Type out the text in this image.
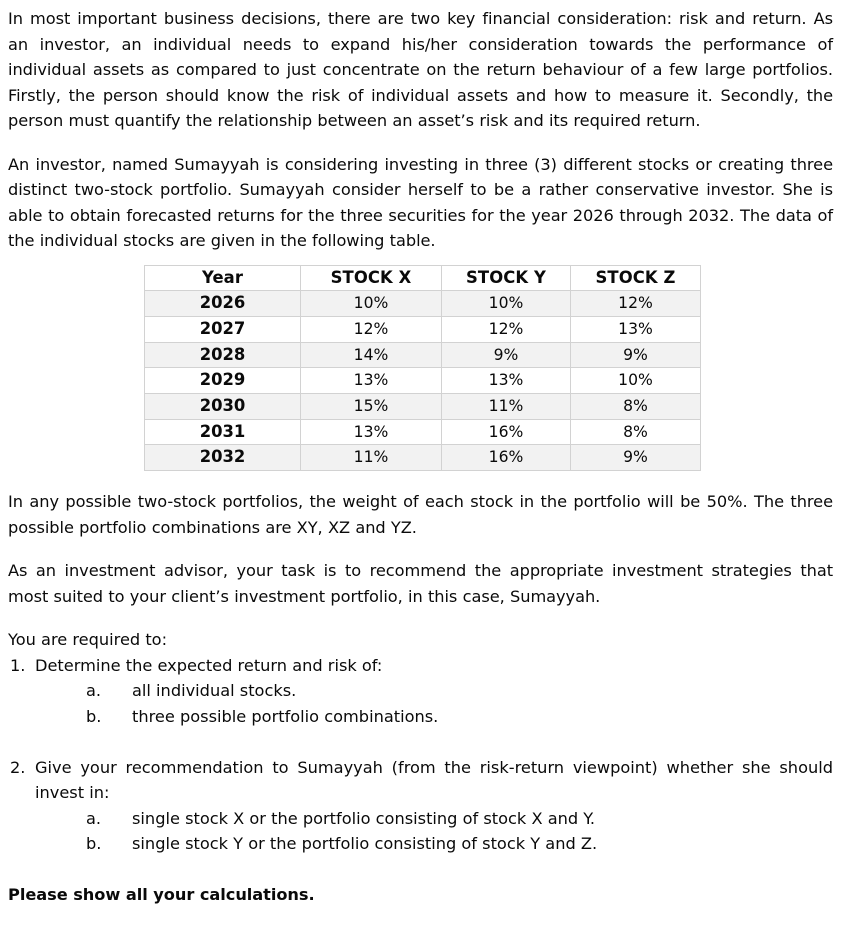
In most important business decisions, there are two key financial consideration: risk and return. As an investor, an individual needs to expand his/her consideration towards the performance of individual assets as compared to just concentrate on the return behaviour of a few large portfolios. Firstly, the person should know the risk of individual assets and how to measure it. Secondly, the person must quantify the relationship between an asset’s risk and its required return.

An investor, named Sumayyah is considering investing in three (3) different stocks or creating three distinct two-stock portfolio. Sumayyah consider herself to be a rather conservative investor. She is able to obtain forecasted returns for the three securities for the year 2026 through 2032. The data of the individual stocks are given in the following table.

Year	STOCK X	STOCK Y	STOCK Z
2026	10%	10%	12%
2027	12%	12%	13%
2028	14%	9%	9%
2029	13%	13%	10%
2030	15%	11%	8%
2031	13%	16%	8%
2032	11%	16%	9%

In any possible two-stock portfolios, the weight of each stock in the portfolio will be 50%. The three possible portfolio combinations are XY, XZ and YZ.

As an investment advisor, your task is to recommend the appropriate investment strategies that most suited to your client’s investment portfolio, in this case, Sumayyah.

You are required to:

1. Determine the expected return and risk of:
a.	all individual stocks.
b.	three possible portfolio combinations.
2. Give your recommendation to Sumayyah (from the risk-return viewpoint) whether she should invest in:
a.	single stock X or the portfolio consisting of stock X and Y.
b.	single stock Y or the portfolio consisting of stock Y and Z.

Please show all your calculations.
